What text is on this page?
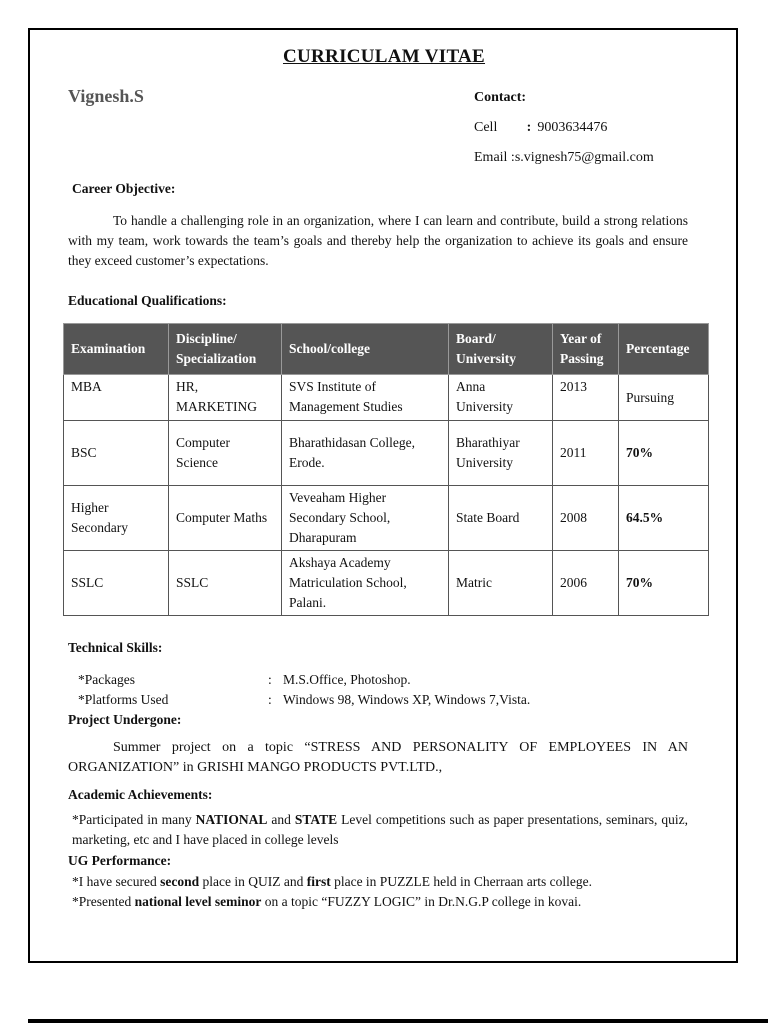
CURRICULAM VITAE
Vignesh.S	Contact:
Cell : 9003634476
Email :s.vignesh75@gmail.com
Career Objective:
To handle a challenging role in an organization, where I can learn and contribute, build a strong relations with my team, work towards the team’s goals and thereby help the organization to achieve its goals and ensure they exceed customer’s expectations.
Educational Qualifications:
Examination	Discipline/ Specialization	School/college	Board/ University	Year of Passing	Percentage
MBA	HR, MARKETING	SVS Institute of Management Studies	Anna University	2013	Pursuing
BSC	Computer Science	Bharathidasan College, Erode.	Bharathiyar University	2011	70%
Higher Secondary	Computer Maths	Veveaham Higher Secondary School, Dharapuram	State Board	2008	64.5%
SSLC	SSLC	Akshaya Academy Matriculation School, Palani.	Matric	2006	70%
Technical Skills:
*Packages	: M.S.Office, Photoshop.
*Platforms Used	: Windows 98, Windows XP, Windows 7,Vista.
Project Undergone:
Summer project on a topic “STRESS AND PERSONALITY OF EMPLOYEES IN AN ORGANIZATION” in GRISHI MANGO PRODUCTS PVT.LTD.,
Academic Achievements:
*Participated in many NATIONAL and STATE Level competitions such as paper presentations, seminars, quiz, marketing, etc and I have placed in college levels
UG Performance:
*I have secured second place in QUIZ and first place in PUZZLE held in Cherraan arts college.
*Presented national level seminor on a topic “FUZZY LOGIC” in Dr.N.G.P college in kovai.
